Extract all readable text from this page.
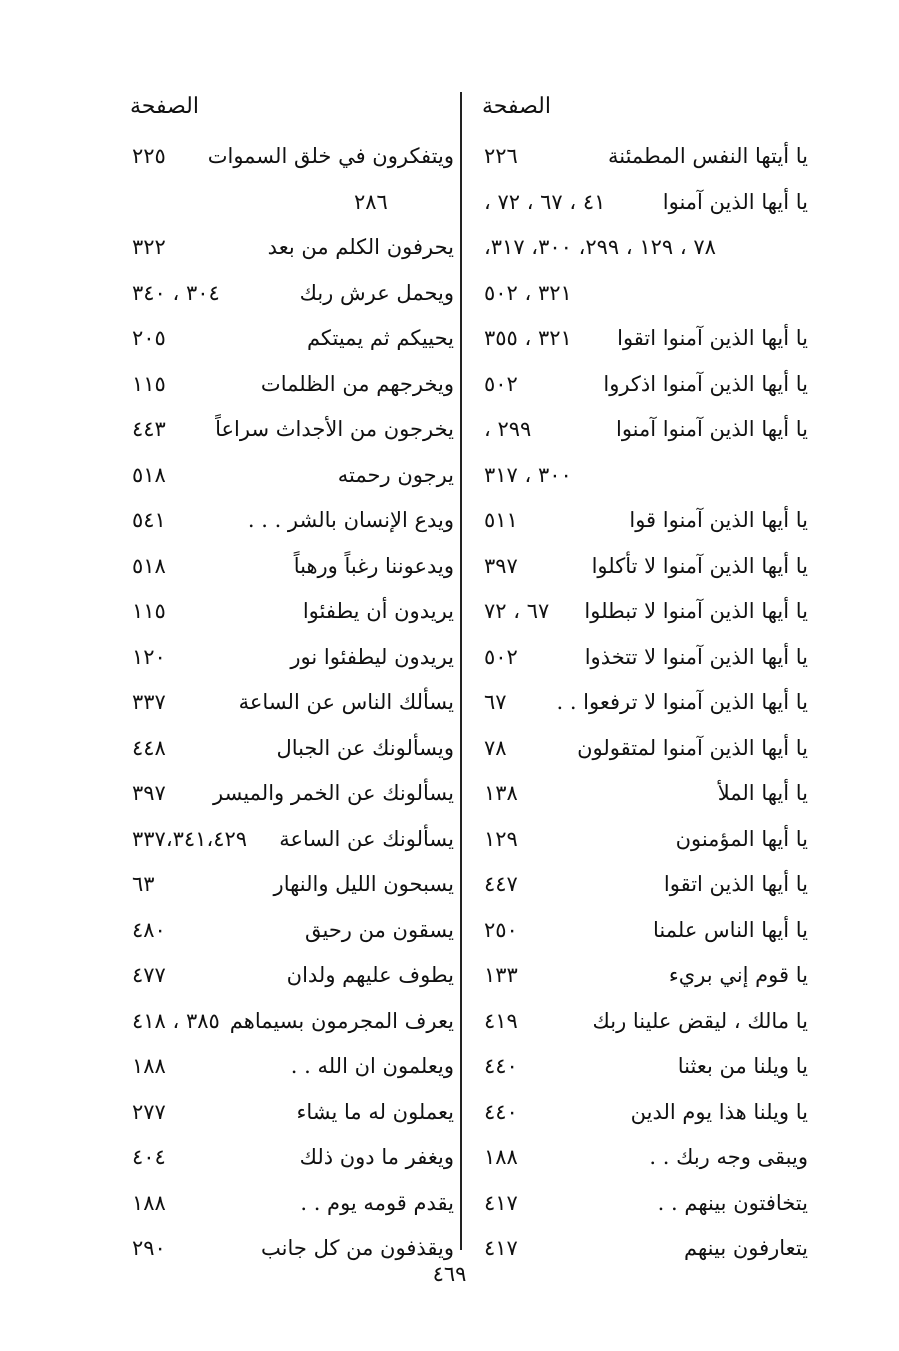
الصفحة
الصفحة
يا أيتها النفس المطمئنة
٢٢٦
يا أيها الذين آمنوا
٤١ ، ٦٧ ، ٧٢ ،
٧٨ ، ١٢٩ ، ٢٩٩، ٣٠٠، ٣١٧،
٣٢١ ، ٥٠٢
يا أيها الذين آمنوا اتقوا
٣٢١ ، ٣٥٥
يا أيها الذين آمنوا اذكروا
٥٠٢
يا أيها الذين آمنوا آمنوا
٢٩٩ ،
٣٠٠ ، ٣١٧
يا أيها الذين آمنوا قوا
٥١١
يا أيها الذين آمنوا لا تأكلوا
٣٩٧
يا أيها الذين آمنوا لا تبطلوا
٦٧ ، ٧٢
يا أيها الذين آمنوا لا تتخذوا
٥٠٢
يا أيها الذين آمنوا لا ترفعوا . .
٦٧
يا أيها الذين آمنوا لمتقولون
٧٨
يا أيها الملأ
١٣٨
يا أيها المؤمنون
١٢٩
يا أيها الذين اتقوا
٤٤٧
يا أيها الناس علمنا
٢٥٠
يا قوم إني بريء
١٣٣
يا مالك ، ليقض علينا ربك
٤١٩
يا ويلنا من بعثنا
٤٤٠
يا ويلنا هذا يوم الدين
٤٤٠
ويبقى وجه ربك . .
١٨٨
يتخافتون بينهم . .
٤١٧
يتعارفون بينهم
٤١٧
ويتفكرون في خلق السموات
٢٢٥
٢٨٦
يحرفون الكلم من بعد
٣٢٢
ويحمل عرش ربك
٣٠٤ ، ٣٤٠
يحييكم ثم يميتكم
٢٠٥
ويخرجهم من الظلمات
١١٥
يخرجون من الأجداث سراعاً
٤٤٣
يرجون رحمته
٥١٨
ويدع الإنسان بالشر . . .
٥٤١
ويدعوننا رغباً ورهباً
٥١٨
يريدون أن يطفئوا
١١٥
يريدون ليطفئوا نور
١٢٠
يسألك الناس عن الساعة
٣٣٧
ويسألونك عن الجبال
٤٤٨
يسألونك عن الخمر والميسر
٣٩٧
يسألونك عن الساعة
٣٣٧،٣٤١،٤٢٩
يسبحون الليل والنهار
٦٣
يسقون من رحيق
٤٨٠
يطوف عليهم ولدان
٤٧٧
يعرف المجرمون بسيماهم
٣٨٥ ، ٤١٨
ويعلمون ان الله . .
١٨٨
يعملون له ما يشاء
٢٧٧
ويغفر ما دون ذلك
٤٠٤
يقدم قومه يوم . .
١٨٨
ويقذفون من كل جانب
٢٩٠
٤٦٩
